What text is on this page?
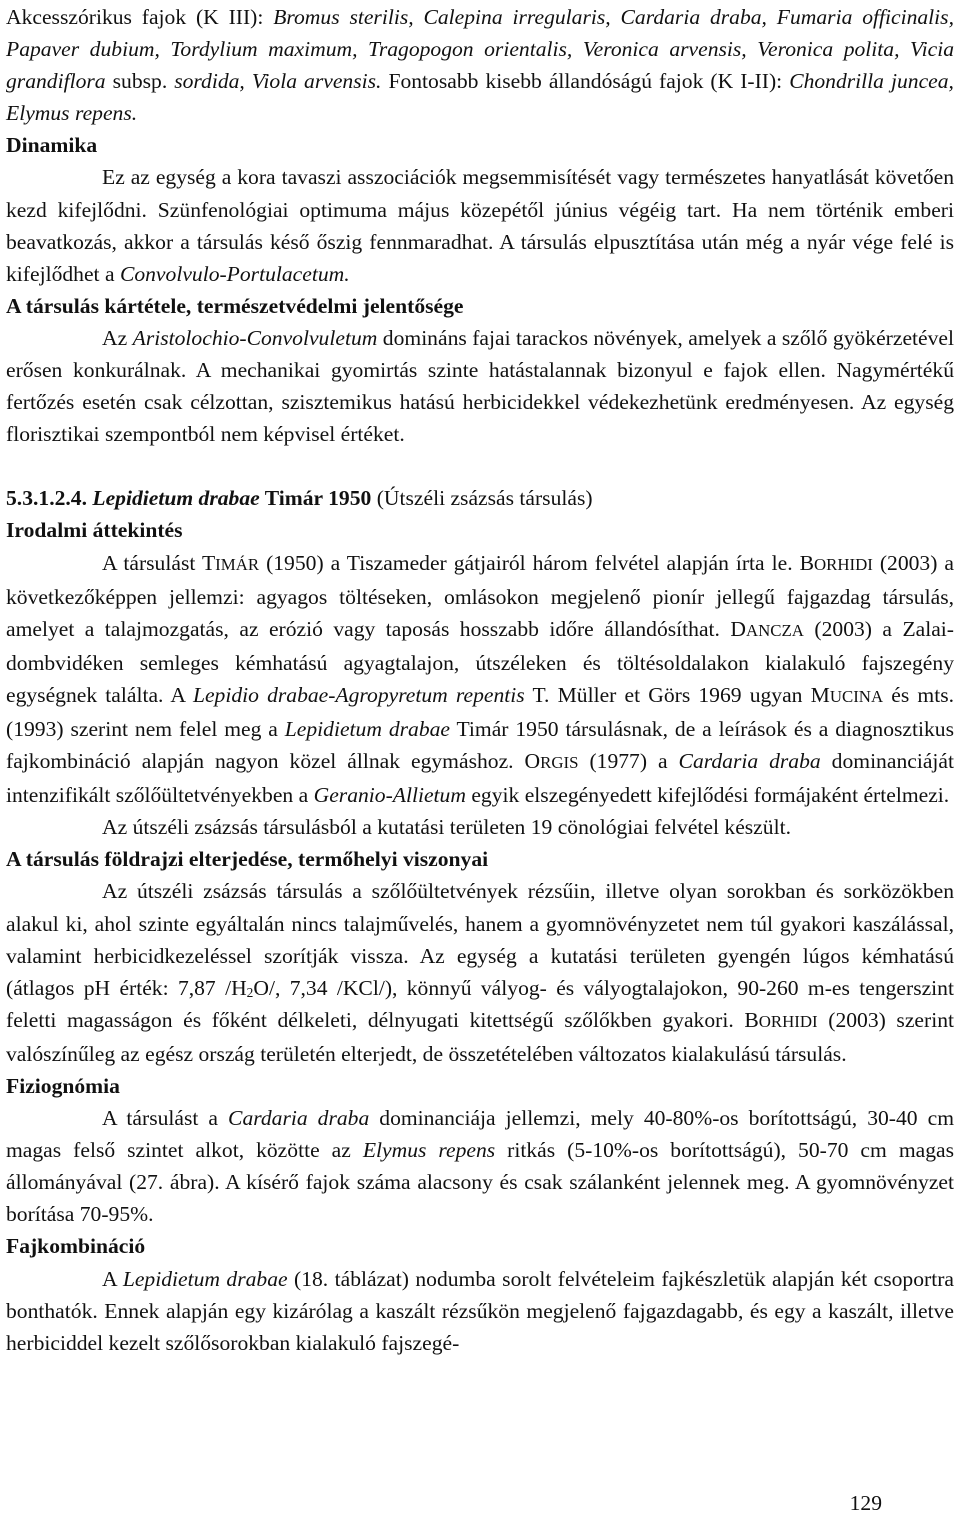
Akcesszórikus fajok (K III): Bromus sterilis, Calepina irregularis, Cardaria draba, Fumaria officinalis, Papaver dubium, Tordylium maximum, Tragopogon orientalis, Veronica arvensis, Veronica polita, Vicia grandiflora subsp. sordida, Viola arvensis. Fontosabb kisebb állandóságú fajok (K I-II): Chondrilla juncea, Elymus repens.

Dinamika

Ez az egység a kora tavaszi asszociációk megsemmisítését vagy természetes hanyatlását követően kezd kifejlődni. Szünfenológiai optimuma május közepétől június végéig tart. Ha nem történik emberi beavatkozás, akkor a társulás késő őszig fennmaradhat. A társulás elpusztítása után még a nyár vége felé is kifejlődhet a Convolvulo-Portulacetum.

A társulás kártétele, természetvédelmi jelentősége

Az Aristolochio-Convolvuletum domináns fajai tarackos növények, amelyek a szőlő gyökérzetével erősen konkurálnak. A mechanikai gyomirtás szinte hatástalannak bizonyul e fajok ellen. Nagymértékű fertőzés esetén csak célzottan, szisztemikus hatású herbicidekkel védekezhetünk eredményesen. Az egység florisztikai szempontból nem képvisel értéket.

5.3.1.2.4. Lepidietum drabae Timár 1950 (Útszéli zsázsás társulás)
Irodalmi áttekintés

A társulást TIMÁR (1950) a Tiszameder gátjairól három felvétel alapján írta le. BORHIDI (2003) a következőképpen jellemzi: agyagos töltéseken, omlásokon megjelenő pionír jellegű fajgazdag társulás, amelyet a talajmozgatás, az erózió vagy taposás hosszabb időre állandósíthat. DANCZA (2003) a Zalai-dombvidéken semleges kémhatású agyagtalajon, útszéleken és töltésoldalakon kialakuló fajszegény egységnek találta. A Lepidio drabae-Agropyretum repentis T. Müller et Görs 1969 ugyan MUCINA és mts. (1993) szerint nem felel meg a Lepidietum drabae Timár 1950 társulásnak, de a leírások és a diagnosztikus fajkombináció alapján nagyon közel állnak egymáshoz. ORGIS (1977) a Cardaria draba dominanciáját intenzifikált szőlőültetvényekben a Geranio-Allietum egyik elszegényedett kifejlődési formájaként értelmezi.

Az útszéli zsázsás társulásból a kutatási területen 19 cönológiai felvétel készült.

A társulás földrajzi elterjedése, termőhelyi viszonyai

Az útszéli zsázsás társulás a szőlőültetvények rézsűin, illetve olyan sorokban és sorközökben alakul ki, ahol szinte egyáltalán nincs talajművelés, hanem a gyomnövényzetet nem túl gyakori kaszálással, valamint herbicidkezeléssel szorítják vissza. Az egység a kutatási területen gyengén lúgos kémhatású (átlagos pH érték: 7,87 $/H_2O/$, 7,34 /KCl/), könnyű vályog- és vályogtalajokon, 90-260 m-es tengerszint feletti magasságon és főként délkeleti, délnyugati kitettségű szőlőkben gyakori. BORHIDI (2003) szerint valószínűleg az egész ország területén elterjedt, de összetételében változatos kialakulású társulás.

Fiziognómia

A társulást a Cardaria draba dominanciája jellemzi, mely 40-80%-os borítottságú, 30-40 cm magas felső szintet alkot, közötte az Elymus repens ritkás (5-10%-os borítottságú), 50-70 cm magas állományával (27. ábra). A kísérő fajok száma alacsony és csak szálanként jelennek meg. A gyomnövényzet borítása 70-95%.

Fajkombináció

A Lepidietum drabae (18. táblázat) nodumba sorolt felvételeim fajkészletük alapján két csoportra bonthatók. Ennek alapján egy kizárólag a kaszált rézsűkön megjelenő fajgazdagabb, és egy a kaszált, illetve herbiciddel kezelt szőlősorokban kialakuló fajszegé-

129
